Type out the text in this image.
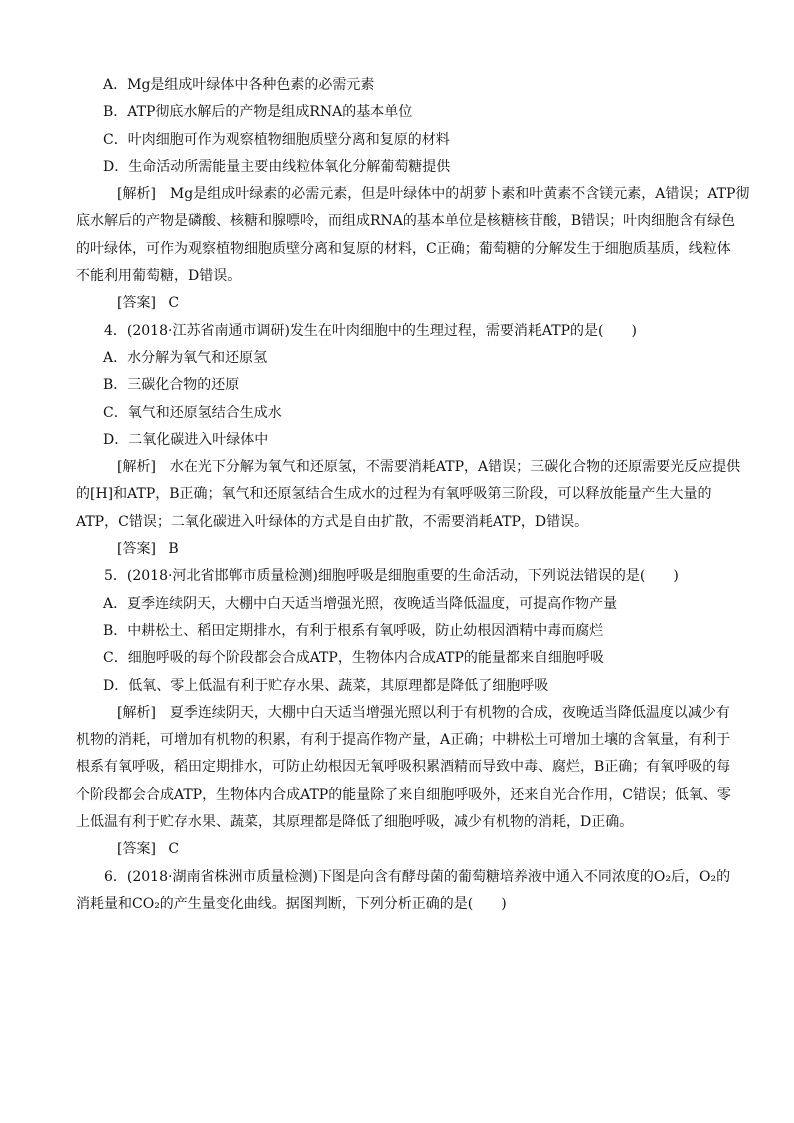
A．Mg是组成叶绿体中各种色素的必需元素
B．ATP彻底水解后的产物是组成RNA的基本单位
C．叶肉细胞可作为观察植物细胞质壁分离和复原的材料
D．生命活动所需能量主要由线粒体氧化分解葡萄糖提供
[解析]　Mg是组成叶绿素的必需元素，但是叶绿体中的胡萝卜素和叶黄素不含镁元素，A错误；ATP彻
底水解后的产物是磷酸、核糖和腺嘌呤，而组成RNA的基本单位是核糖核苷酸，B错误；叶肉细胞含有绿色
的叶绿体，可作为观察植物细胞质壁分离和复原的材料，C正确；葡萄糖的分解发生于细胞质基质，线粒体
不能利用葡萄糖，D错误。
[答案] C
4．(2018·江苏省南通市调研)发生在叶肉细胞中的生理过程，需要消耗ATP的是(　　)
A．水分解为氧气和还原氢
B．三碳化合物的还原
C．氧气和还原氢结合生成水
D．二氧化碳进入叶绿体中
[解析]　水在光下分解为氧气和还原氢，不需要消耗ATP，A错误；三碳化合物的还原需要光反应提供
的[H]和ATP，B正确；氧气和还原氢结合生成水的过程为有氧呼吸第三阶段，可以释放能量产生大量的
ATP，C错误；二氧化碳进入叶绿体的方式是自由扩散，不需要消耗ATP，D错误。
[答案] B
5．(2018·河北省邯郸市质量检测)细胞呼吸是细胞重要的生命活动，下列说法错误的是(　　)
A．夏季连续阴天，大棚中白天适当增强光照，夜晚适当降低温度，可提高作物产量
B．中耕松土、稻田定期排水，有利于根系有氧呼吸，防止幼根因酒精中毒而腐烂
C．细胞呼吸的每个阶段都会合成ATP，生物体内合成ATP的能量都来自细胞呼吸
D．低氧、零上低温有利于贮存水果、蔬菜，其原理都是降低了细胞呼吸
[解析]　夏季连续阴天，大棚中白天适当增强光照以利于有机物的合成，夜晚适当降低温度以减少有
机物的消耗，可增加有机物的积累，有利于提高作物产量，A正确；中耕松土可增加土壤的含氧量，有利于
根系有氧呼吸，稻田定期排水，可防止幼根因无氧呼吸积累酒精而导致中毒、腐烂，B正确；有氧呼吸的每
个阶段都会合成ATP，生物体内合成ATP的能量除了来自细胞呼吸外，还来自光合作用，C错误；低氧、零
上低温有利于贮存水果、蔬菜，其原理都是降低了细胞呼吸，减少有机物的消耗，D正确。
[答案] C
6．(2018·湖南省株洲市质量检测)下图是向含有酵母菌的葡萄糖培养液中通入不同浓度的O₂后，O₂的
消耗量和CO₂的产生量变化曲线。据图判断，下列分析正确的是(　　)
